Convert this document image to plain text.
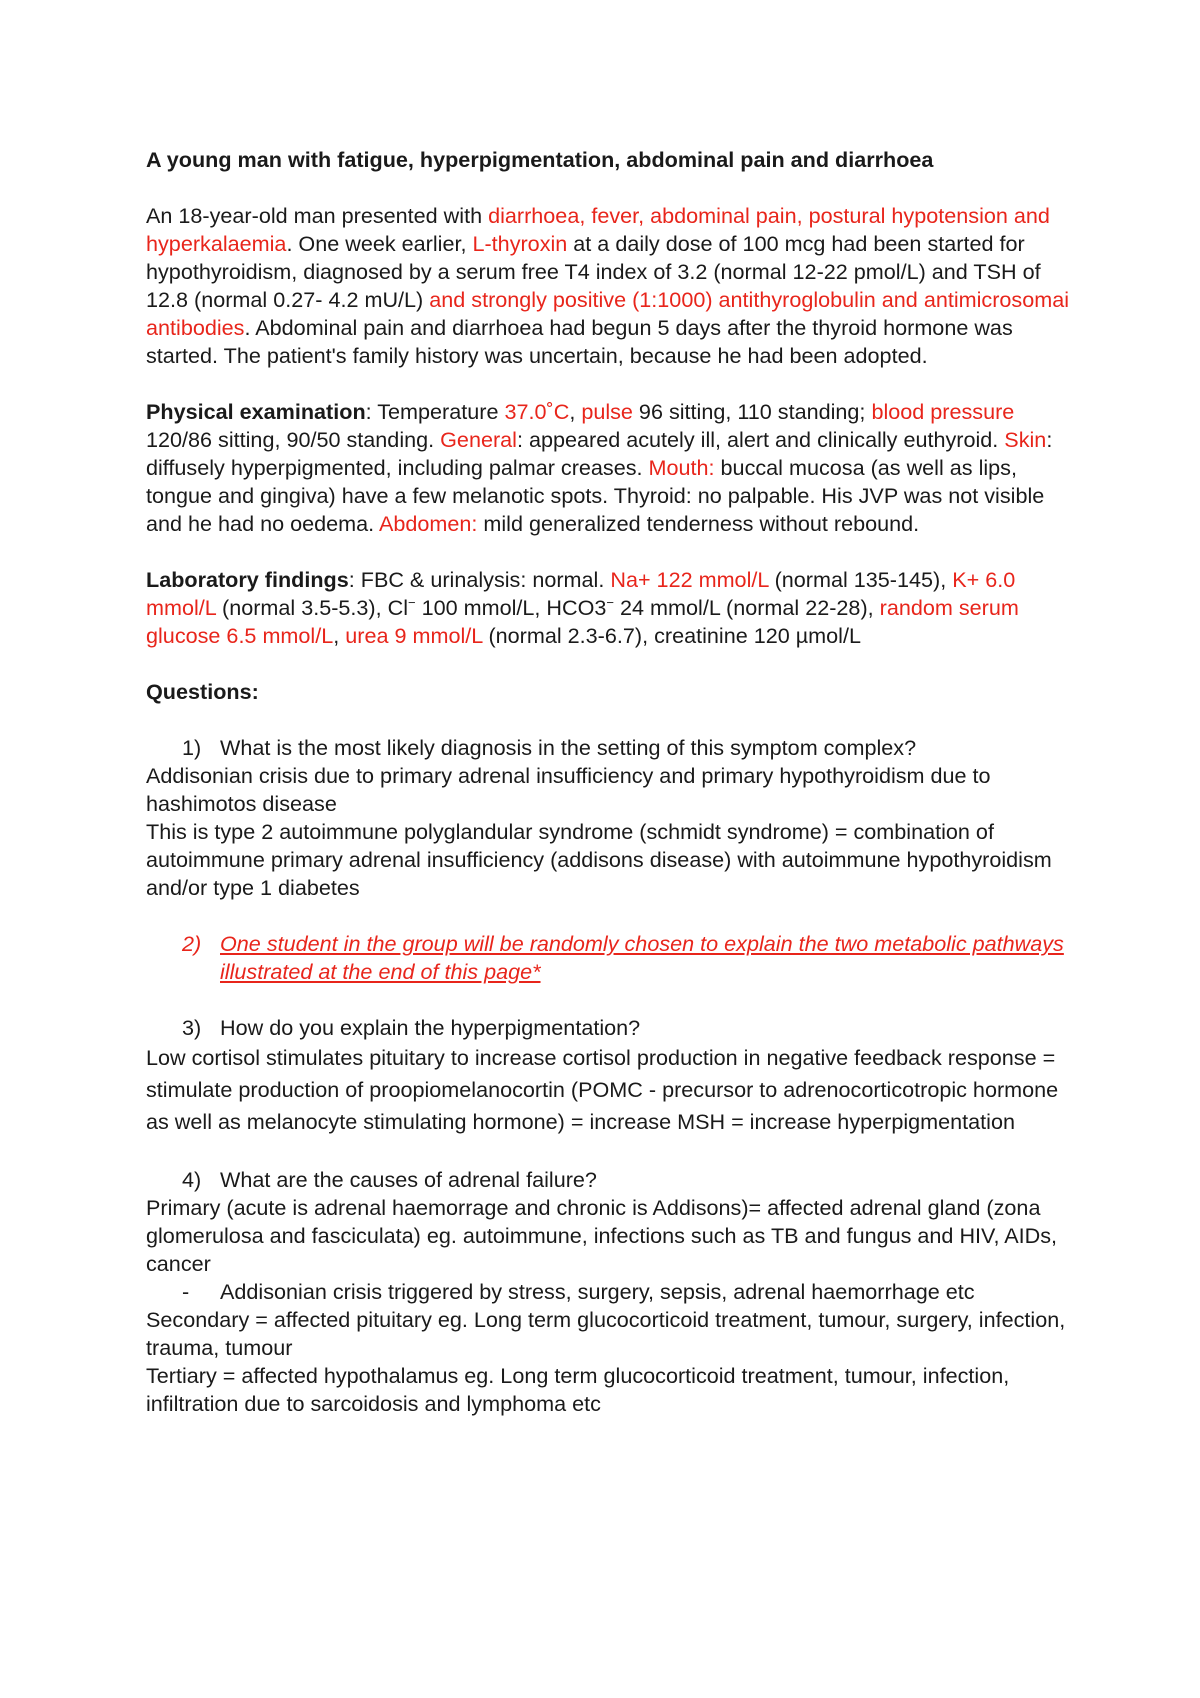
A young man with fatigue, hyperpigmentation, abdominal pain and diarrhoea

An 18-year-old man presented with diarrhoea, fever, abdominal pain, postural hypotension and hyperkalaemia. One week earlier, L-thyroxin at a daily dose of 100 mcg had been started for hypothyroidism, diagnosed by a serum free T4 index of 3.2 (normal 12-22 pmol/L) and TSH of 12.8 (normal 0.27- 4.2 mU/L) and strongly positive (1:1000) antithyroglobulin and antimicrosomai antibodies. Abdominal pain and diarrhoea had begun 5 days after the thyroid hormone was started. The patient's family history was uncertain, because he had been adopted.

Physical examination: Temperature 37.0˚C, pulse 96 sitting, 110 standing; blood pressure 120/86 sitting, 90/50 standing. General: appeared acutely ill, alert and clinically euthyroid. Skin: diffusely hyperpigmented, including palmar creases. Mouth: buccal mucosa (as well as lips, tongue and gingiva) have a few melanotic spots. Thyroid: no palpable. His JVP was not visible and he had no oedema. Abdomen: mild generalized tenderness without rebound.

Laboratory findings: FBC & urinalysis: normal. Na+ 122 mmol/L (normal 135-145), K+ 6.0 mmol/L (normal 3.5-5.3), Cl− 100 mmol/L, HCO3− 24 mmol/L (normal 22-28), random serum glucose 6.5 mmol/L, urea 9 mmol/L (normal 2.3-6.7), creatinine 120 µmol/L

Questions:

1) What is the most likely diagnosis in the setting of this symptom complex?

Addisonian crisis due to primary adrenal insufficiency and primary hypothyroidism due to hashimotos disease

This is type 2 autoimmune polyglandular syndrome (schmidt syndrome) = combination of autoimmune primary adrenal insufficiency (addisons disease) with autoimmune hypothyroidism and/or type 1 diabetes

2) One student in the group will be randomly chosen to explain the two metabolic pathways illustrated at the end of this page*
3) How do you explain the hyperpigmentation?

Low cortisol stimulates pituitary to increase cortisol production in negative feedback response = stimulate production of proopiomelanocortin (POMC - precursor to adrenocorticotropic hormone as well as melanocyte stimulating hormone) = increase MSH = increase hyperpigmentation

4) What are the causes of adrenal failure?

Primary (acute is adrenal haemorrage and chronic is Addisons)= affected adrenal gland (zona glomerulosa and fasciculata) eg. autoimmune, infections such as TB and fungus and HIV, AIDs, cancer

- Addisonian crisis triggered by stress, surgery, sepsis, adrenal haemorrhage etc

Secondary = affected pituitary eg. Long term glucocorticoid treatment, tumour, surgery, infection, trauma, tumour

Tertiary = affected hypothalamus eg. Long term glucocorticoid treatment, tumour, infection, infiltration due to sarcoidosis and lymphoma etc
